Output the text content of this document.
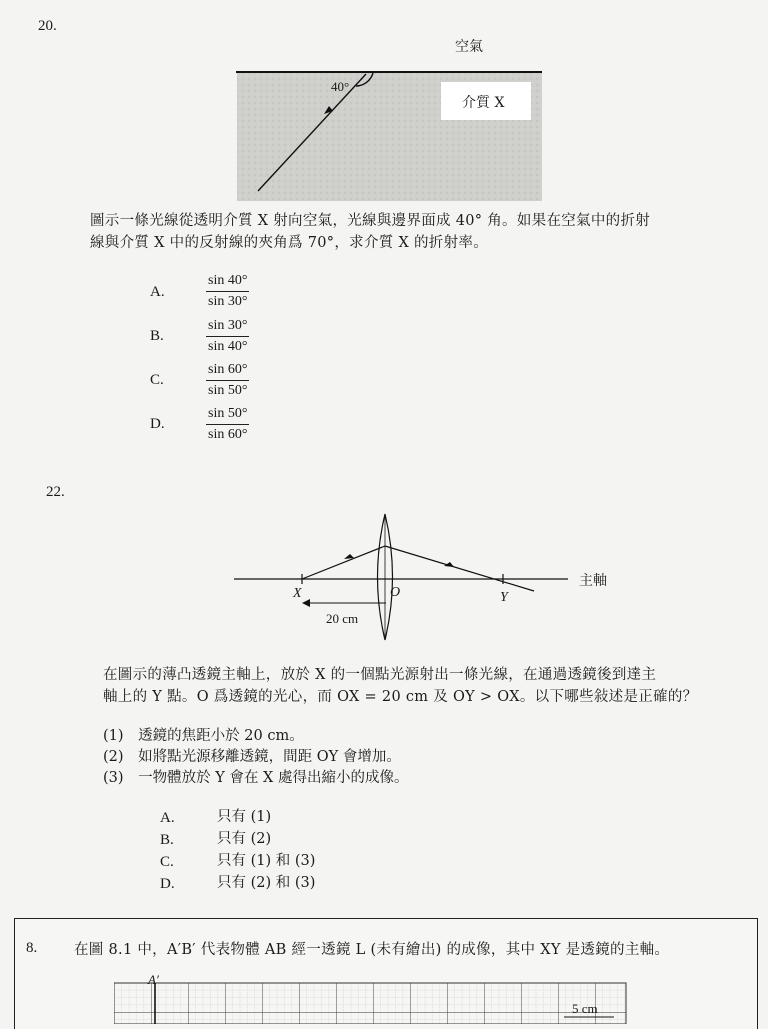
20.
空氣
40°
介質 X
圖示一條光線從透明介質 X 射向空氣，光線與邊界面成 40° 角。如果在空氣中的折射
線與介質 X 中的反射線的夾角爲 70°，求介質 X 的折射率。
A.	$\frac{\sin 40^\circ}{\sin 30^\circ}$
B.	$\frac{\sin 30^\circ}{\sin 40^\circ}$
C.	$\frac{\sin 60^\circ}{\sin 50^\circ}$
D.	$\frac{\sin 50^\circ}{\sin 60^\circ}$
22.
主軸
X	O	Y
20 cm
在圖示的薄凸透鏡主軸上，放於 X 的一個點光源射出一條光線，在通過透鏡後到達主
軸上的 Y 點。O 爲透鏡的光心，而 OX = 20 cm 及 OY > OX。以下哪些敍述是正確的？
(1) 透鏡的焦距小於 20 cm。
(2) 如將點光源移離透鏡，間距 OY 會增加。
(3) 一物體放於 Y 會在 X 處得出縮小的成像。
A.	只有 (1)
B.	只有 (2)
C.	只有 (1) 和 (3)
D.	只有 (2) 和 (3)
8.	在圖 8.1 中，A′B′ 代表物體 AB 經一透鏡 L (未有繪出) 的成像，其中 XY 是透鏡的主軸。
A′
5 cm
